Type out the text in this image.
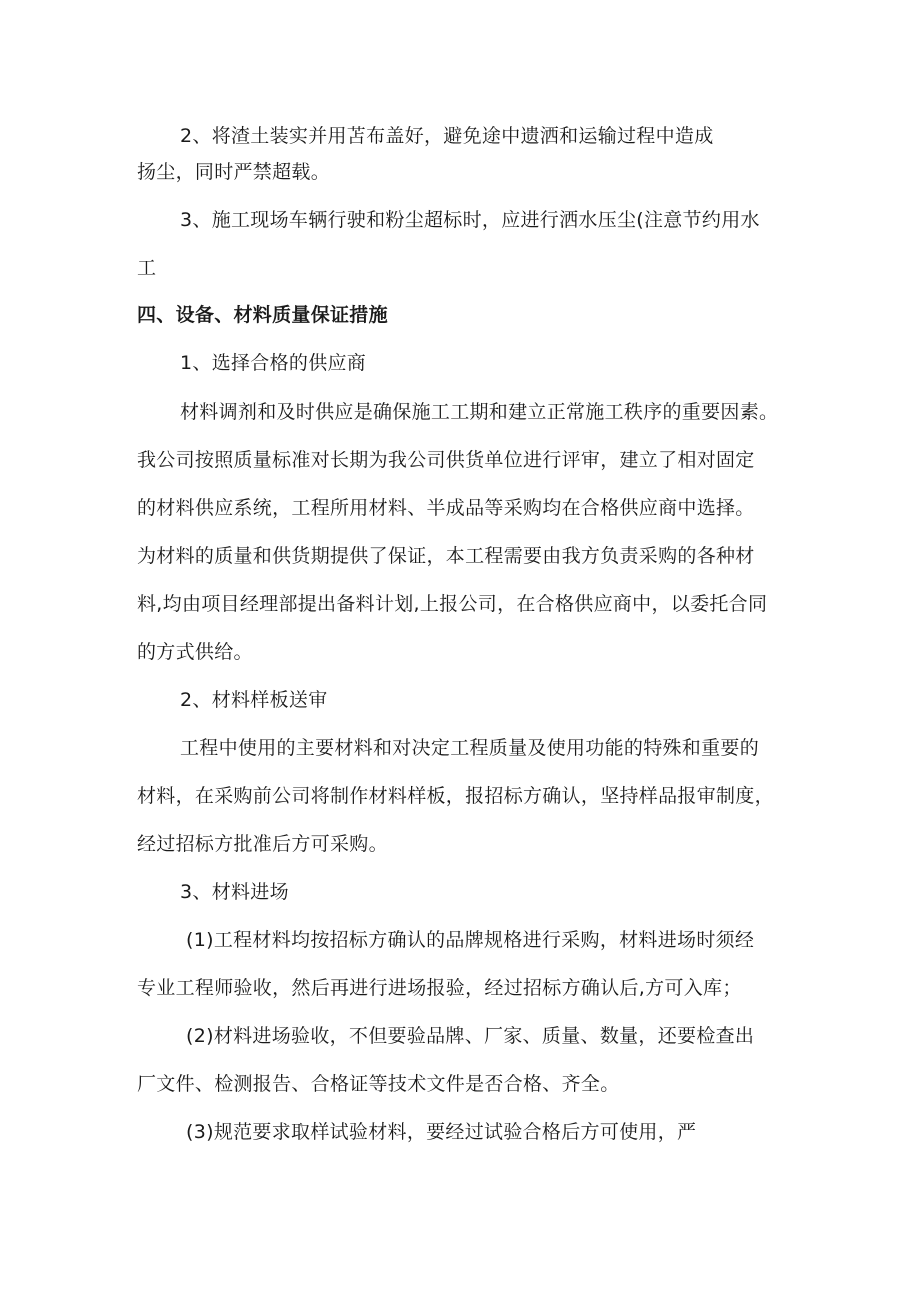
2、将渣土装实并用苫布盖好，避免途中遗洒和运输过程中造成
扬尘，同时严禁超载。
3、施工现场车辆行驶和粉尘超标时，应进行洒水压尘(注意节约用水
工
四、设备、材料质量保证措施
1、选择合格的供应商
材料调剂和及时供应是确保施工工期和建立正常施工秩序的重要因素。
我公司按照质量标准对长期为我公司供货单位进行评审，建立了相对固定
的材料供应系统，工程所用材料、半成品等采购均在合格供应商中选择。
为材料的质量和供货期提供了保证，本工程需要由我方负责采购的各种材
料,均由项目经理部提出备料计划,上报公司，在合格供应商中，以委托合同
的方式供给。
2、材料样板送审
工程中使用的主要材料和对决定工程质量及使用功能的特殊和重要的
材料，在采购前公司将制作材料样板，报招标方确认，坚持样品报审制度，
经过招标方批准后方可采购。
3、材料进场
(1)工程材料均按招标方确认的品牌规格进行采购，材料进场时须经
专业工程师验收，然后再进行进场报验，经过招标方确认后,方可入库；
(2)材料进场验收，不但要验品牌、厂家、质量、数量，还要检查出
厂文件、检测报告、合格证等技术文件是否合格、齐全。
(3)规范要求取样试验材料，要经过试验合格后方可使用，严
